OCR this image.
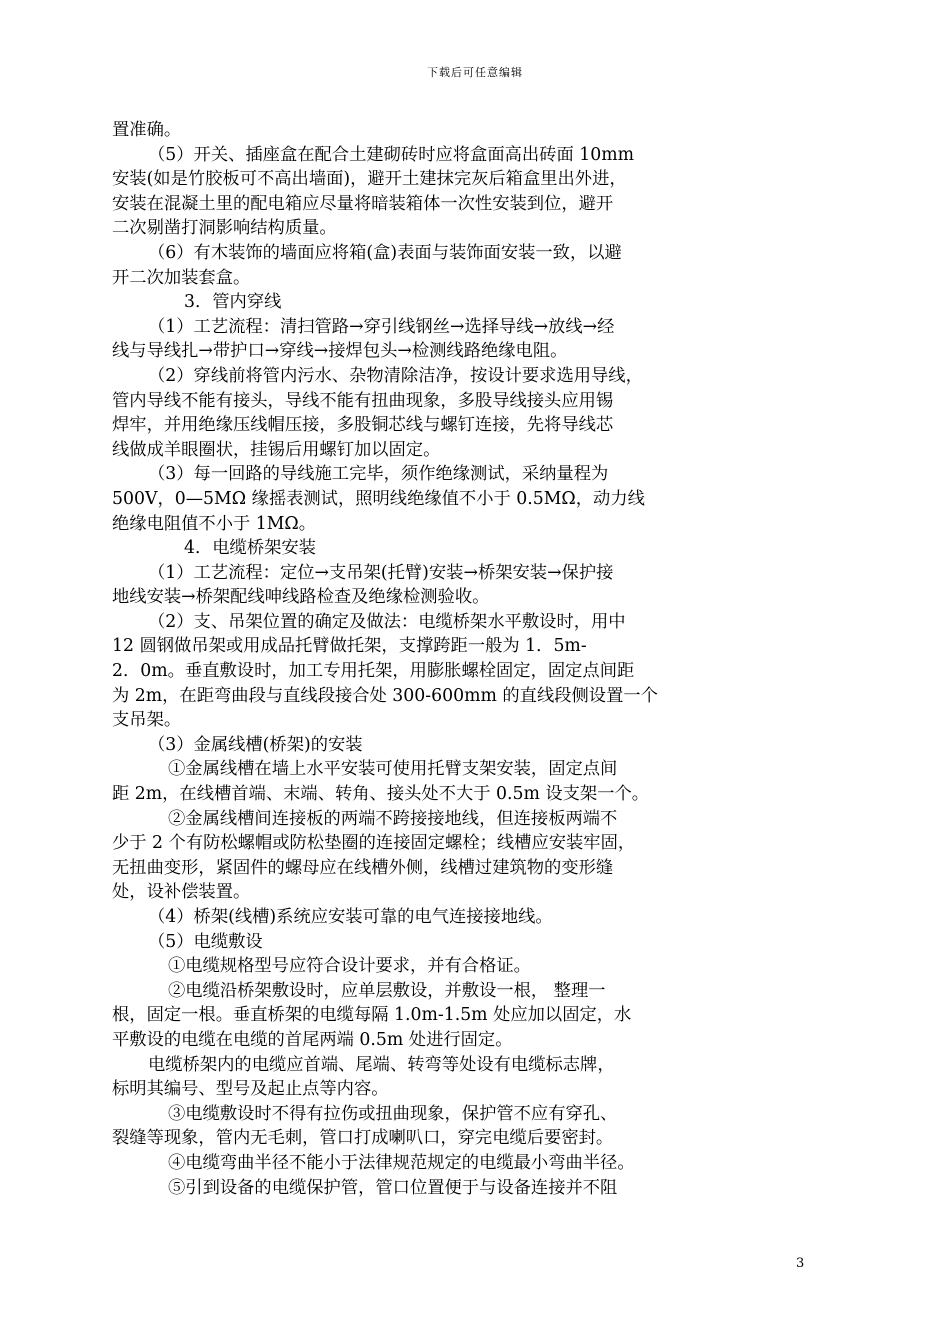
下载后可任意编辑
置准确。
（5）开关、插座盒在配合土建砌砖时应将盒面高出砖面 10mm
安装(如是竹胶板可不高出墙面)，避开土建抹完灰后箱盒里出外进，
安装在混凝土里的配电箱应尽量将暗装箱体一次性安装到位，避开
二次剔凿打洞影响结构质量。
（6）有木装饰的墙面应将箱(盒)表面与装饰面安装一致，以避
开二次加装套盒。
3．管内穿线
（1）工艺流程：清扫管路→穿引线钢丝→选择导线→放线→经
线与导线扎→带护口→穿线→接焊包头→检测线路绝缘电阻。
（2）穿线前将管内污水、杂物清除洁净，按设计要求选用导线，
管内导线不能有接头，导线不能有扭曲现象，多股导线接头应用锡
焊牢，并用绝缘压线帽压接，多股铜芯线与螺钉连接，先将导线芯
线做成羊眼圈状，挂锡后用螺钉加以固定。
（3）每一回路的导线施工完毕，须作绝缘测试，采纳量程为
500V，0—5MΩ 缘摇表测试，照明线绝缘值不小于 0.5MΩ，动力线
绝缘电阻值不小于 1MΩ。
4．电缆桥架安装
（1）工艺流程：定位→支吊架(托臂)安装→桥架安装→保护接
地线安装→桥架配线呻线路检查及绝缘检测验收。
（2）支、吊架位置的确定及做法：电缆桥架水平敷设时，用中
12 圆钢做吊架或用成品托臂做托架，支撑跨距一般为 1．5m-
2．0m。垂直敷设时，加工专用托架，用膨胀螺栓固定，固定点间距
为 2m，在距弯曲段与直线段接合处 300-600mm 的直线段侧设置一个
支吊架。
（3）金属线槽(桥架)的安装
①金属线槽在墙上水平安装可使用托臂支架安装，固定点间
距 2m，在线槽首端、末端、转角、接头处不大于 0.5m 设支架一个。
②金属线槽间连接板的两端不跨接接地线，但连接板两端不
少于 2 个有防松螺帽或防松垫圈的连接固定螺栓；线槽应安装牢固，
无扭曲变形，紧固件的螺母应在线槽外侧，线槽过建筑物的变形缝
处，设补偿装置。
（4）桥架(线槽)系统应安装可靠的电气连接接地线。
（5）电缆敷设
①电缆规格型号应符合设计要求，并有合格证。
②电缆沿桥架敷设时，应单层敷设，并敷设一根， 整理一
根，固定一根。垂直桥架的电缆每隔 1.0m-1.5m 处应加以固定，水
平敷设的电缆在电缆的首尾两端 0.5m 处进行固定。
电缆桥架内的电缆应首端、尾端、转弯等处设有电缆标志牌，
标明其编号、型号及起止点等内容。
③电缆敷设时不得有拉伤或扭曲现象，保护管不应有穿孔、
裂缝等现象，管内无毛刺，管口打成喇叭口，穿完电缆后要密封。
④电缆弯曲半径不能小于法律规范规定的电缆最小弯曲半径。
⑤引到设备的电缆保护管，管口位置便于与设备连接并不阻
3
